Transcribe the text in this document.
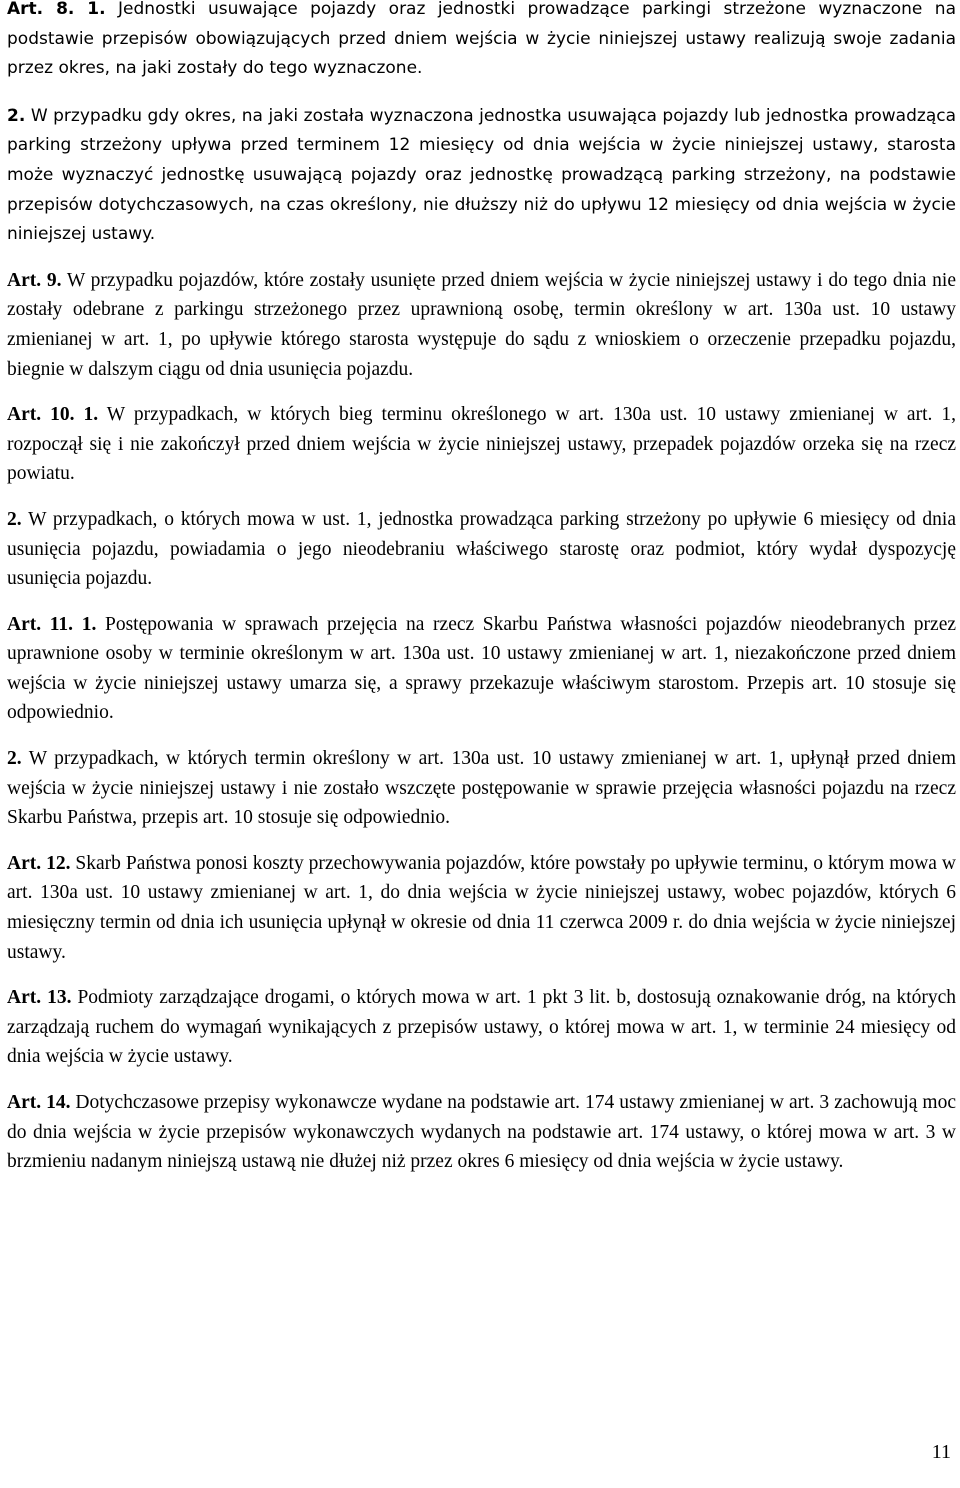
Art. 8. 1. Jednostki usuwające pojazdy oraz jednostki prowadzące parkingi strzeżone wyznaczone na podstawie przepisów obowiązujących przed dniem wejścia w życie niniejszej ustawy realizują swoje zadania przez okres, na jaki zostały do tego wyznaczone.

2. W przypadku gdy okres, na jaki została wyznaczona jednostka usuwająca pojazdy lub jednostka prowadząca parking strzeżony upływa przed terminem 12 miesięcy od dnia wejścia w życie niniejszej ustawy, starosta może wyznaczyć jednostkę usuwającą pojazdy oraz jednostkę prowadzącą parking strzeżony, na podstawie przepisów dotychczasowych, na czas określony, nie dłuższy niż do upływu 12 miesięcy od dnia wejścia w życie niniejszej ustawy.

Art. 9. W przypadku pojazdów, które zostały usunięte przed dniem wejścia w życie niniejszej ustawy i do tego dnia nie zostały odebrane z parkingu strzeżonego przez uprawnioną osobę, termin określony w art. 130a ust. 10 ustawy zmienianej w art. 1, po upływie którego starosta występuje do sądu z wnioskiem o orzeczenie przepadku pojazdu, biegnie w dalszym ciągu od dnia usunięcia pojazdu.

Art. 10. 1. W przypadkach, w których bieg terminu określonego w art. 130a ust. 10 ustawy zmienianej w art. 1, rozpoczął się i nie zakończył przed dniem wejścia w życie niniejszej ustawy, przepadek pojazdów orzeka się na rzecz powiatu.

2. W przypadkach, o których mowa w ust. 1, jednostka prowadząca parking strzeżony po upływie 6 miesięcy od dnia usunięcia pojazdu, powiadamia o jego nieodebraniu właściwego starostę oraz podmiot, który wydał dyspozycję usunięcia pojazdu.

Art. 11. 1. Postępowania w sprawach przejęcia na rzecz Skarbu Państwa własności pojazdów nieodebranych przez uprawnione osoby w terminie określonym w art. 130a ust. 10 ustawy zmienianej w art. 1, niezakończone przed dniem wejścia w życie niniejszej ustawy umarza się, a sprawy przekazuje właściwym starostom. Przepis art. 10 stosuje się odpowiednio.

2. W przypadkach, w których termin określony w art. 130a ust. 10 ustawy zmienianej w art. 1, upłynął przed dniem wejścia w życie niniejszej ustawy i nie zostało wszczęte postępowanie w sprawie przejęcia własności pojazdu na rzecz Skarbu Państwa, przepis art. 10 stosuje się odpowiednio.

Art. 12. Skarb Państwa ponosi koszty przechowywania pojazdów, które powstały po upływie terminu, o którym mowa w art. 130a ust. 10 ustawy zmienianej w art. 1, do dnia wejścia w życie niniejszej ustawy, wobec pojazdów, których 6 miesięczny termin od dnia ich usunięcia upłynął w okresie od dnia 11 czerwca 2009 r. do dnia wejścia w życie niniejszej ustawy.

Art. 13. Podmioty zarządzające drogami, o których mowa w art. 1 pkt 3 lit. b, dostosują oznakowanie dróg, na których zarządzają ruchem do wymagań wynikających z przepisów ustawy, o której mowa w art. 1, w terminie 24 miesięcy od dnia wejścia w życie ustawy.

Art. 14. Dotychczasowe przepisy wykonawcze wydane na podstawie art. 174 ustawy zmienianej w art. 3 zachowują moc do dnia wejścia w życie przepisów wykonawczych wydanych na podstawie art. 174 ustawy, o której mowa w art. 3 w brzmieniu nadanym niniejszą ustawą nie dłużej niż przez okres 6 miesięcy od dnia wejścia w życie ustawy.

11
